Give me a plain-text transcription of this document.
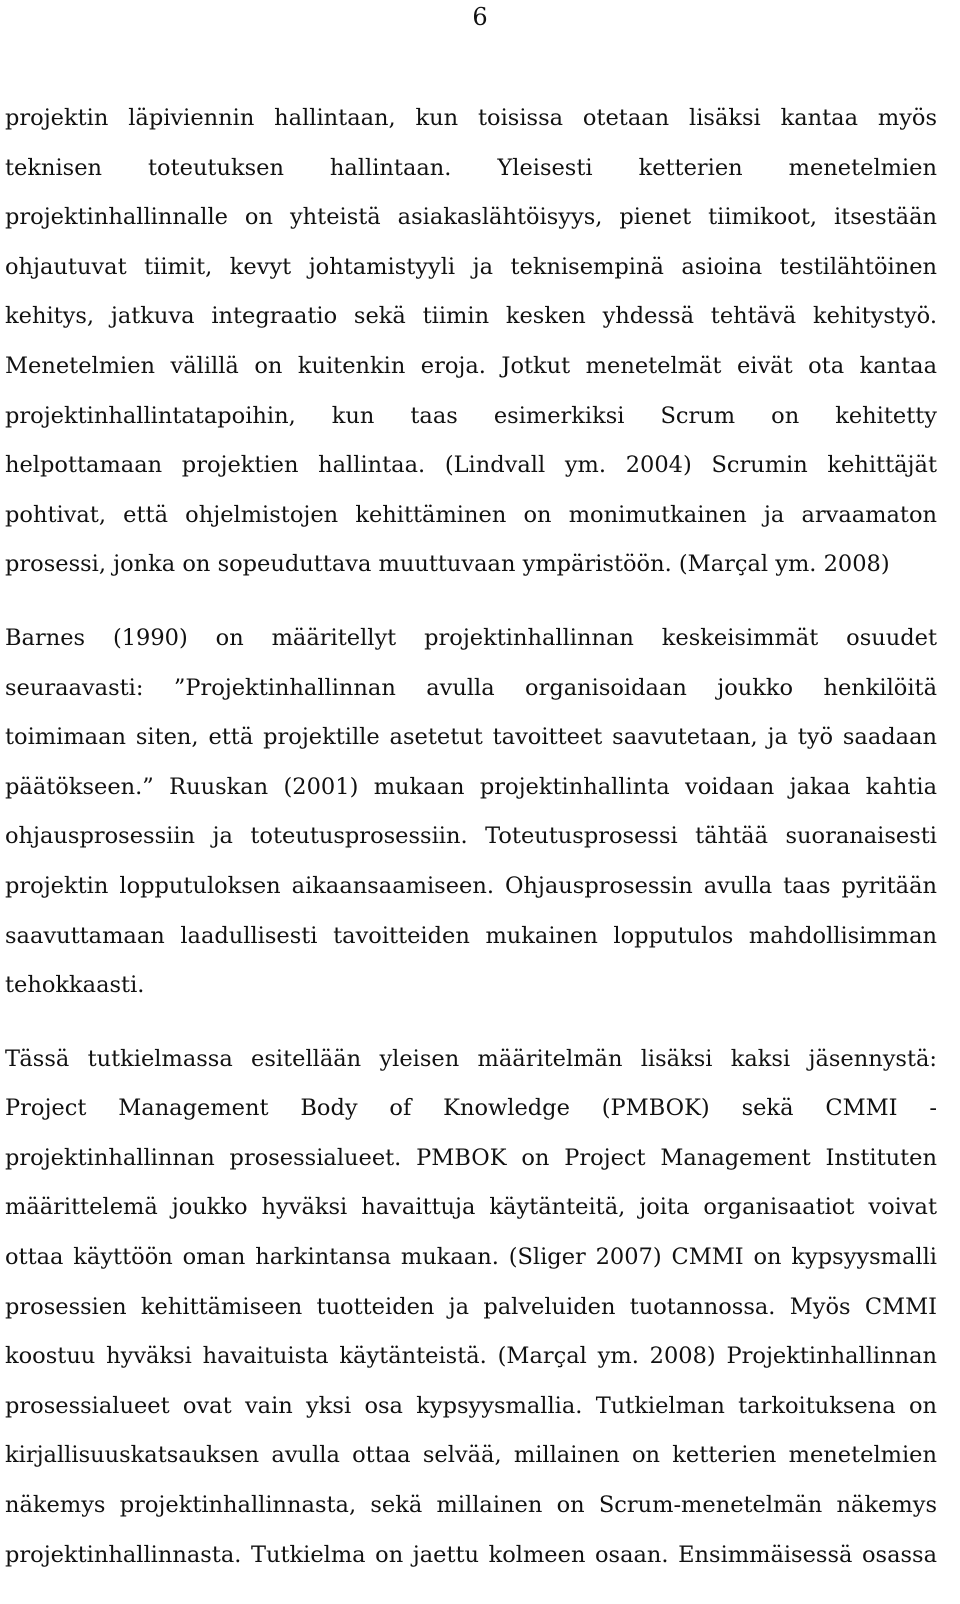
6
projektin läpiviennin hallintaan, kun toisissa otetaan lisäksi kantaa myös
teknisen toteutuksen hallintaan. Yleisesti ketterien menetelmien
projektinhallinnalle on yhteistä asiakaslähtöisyys, pienet tiimikoot, itsestään
ohjautuvat tiimit, kevyt johtamistyyli ja teknisempinä asioina testilähtöinen
kehitys, jatkuva integraatio sekä tiimin kesken yhdessä tehtävä kehitystyö.
Menetelmien välillä on kuitenkin eroja. Jotkut menetelmät eivät ota kantaa
projektinhallintatapoihin, kun taas esimerkiksi Scrum on kehitetty
helpottamaan projektien hallintaa. (Lindvall ym. 2004) Scrumin kehittäjät
pohtivat, että ohjelmistojen kehittäminen on monimutkainen ja arvaamaton
prosessi, jonka on sopeuduttava muuttuvaan ympäristöön. (Marçal ym. 2008)
Barnes (1990) on määritellyt projektinhallinnan keskeisimmät osuudet
seuraavasti: ”Projektinhallinnan avulla organisoidaan joukko henkilöitä
toimimaan siten, että projektille asetetut tavoitteet saavutetaan, ja työ saadaan
päätökseen.” Ruuskan (2001) mukaan projektinhallinta voidaan jakaa kahtia
ohjausprosessiin ja toteutusprosessiin. Toteutusprosessi tähtää suoranaisesti
projektin lopputuloksen aikaansaamiseen. Ohjausprosessin avulla taas pyritään
saavuttamaan laadullisesti tavoitteiden mukainen lopputulos mahdollisimman
tehokkaasti.
Tässä tutkielmassa esitellään yleisen määritelmän lisäksi kaksi jäsennystä:
Project Management Body of Knowledge (PMBOK) sekä CMMI -
projektinhallinnan prosessialueet. PMBOK on Project Management Instituten
määrittelemä joukko hyväksi havaittuja käytänteitä, joita organisaatiot voivat
ottaa käyttöön oman harkintansa mukaan. (Sliger 2007) CMMI on kypsyysmalli
prosessien kehittämiseen tuotteiden ja palveluiden tuotannossa. Myös CMMI
koostuu hyväksi havaituista käytänteistä. (Marçal ym. 2008) Projektinhallinnan
prosessialueet ovat vain yksi osa kypsyysmallia. Tutkielman tarkoituksena on
kirjallisuuskatsauksen avulla ottaa selvää, millainen on ketterien menetelmien
näkemys projektinhallinnasta, sekä millainen on Scrum-menetelmän näkemys
projektinhallinnasta. Tutkielma on jaettu kolmeen osaan. Ensimmäisessä osassa
